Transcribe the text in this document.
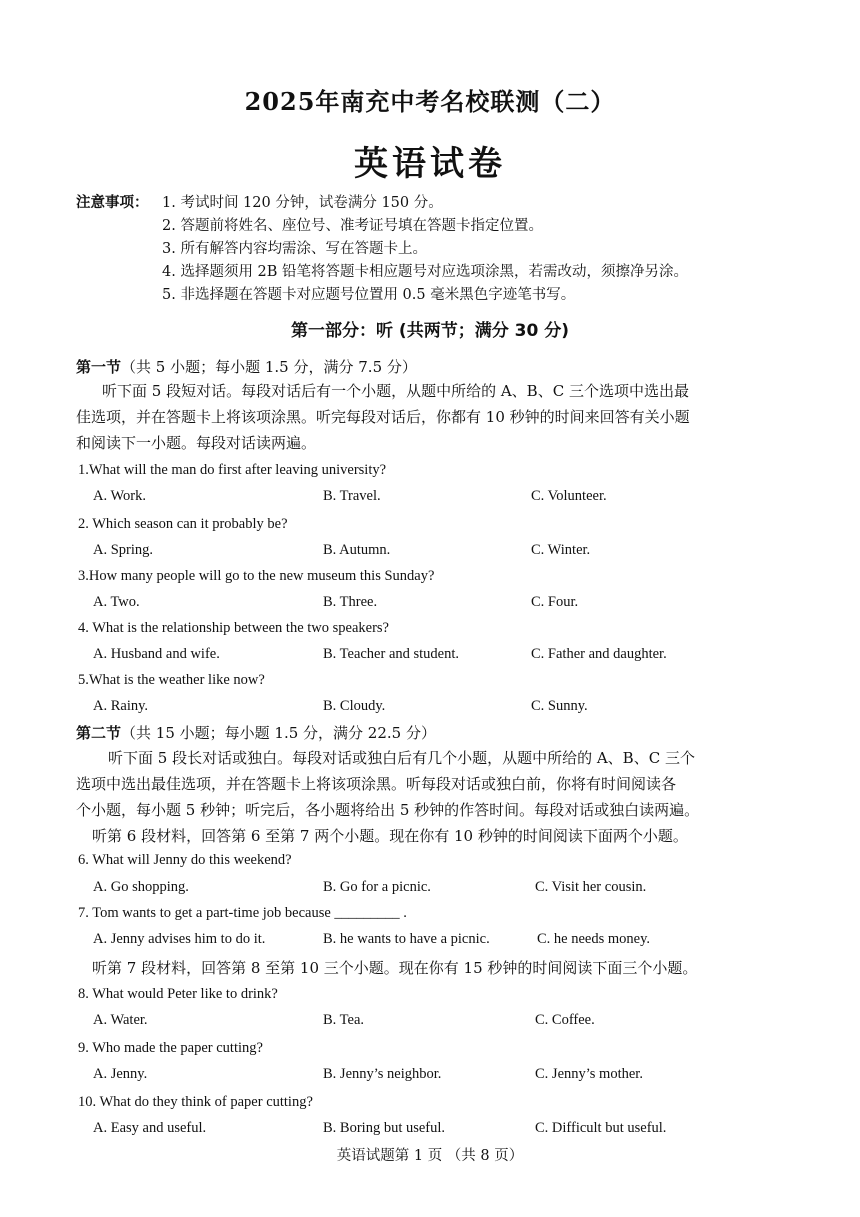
2025年南充中考名校联测（二）
英语试卷
注意事项： 1. 考试时间 120 分钟，试卷满分 150 分。
2. 答题前将姓名、座位号、准考证号填在答题卡指定位置。
3. 所有解答内容均需涂、写在答题卡上。
4. 选择题须用 2B 铅笔将答题卡相应题号对应选项涂黑，若需改动，须擦净另涂。
5. 非选择题在答题卡对应题号位置用 0.5 毫米黑色字迹笔书写。
第一部分：听 (共两节；满分 30 分)
第一节（共 5 小题；每小题 1.5 分，满分 7.5 分）
听下面 5 段短对话。每段对话后有一个小题，从题中所给的 A、B、C 三个选项中选出最
佳选项，并在答题卡上将该项涂黑。听完每段对话后，你都有 10 秒钟的时间来回答有关小题
和阅读下一小题。每段对话读两遍。
1.What will the man do first after leaving university?
A. Work.	B. Travel.	C. Volunteer.
2. Which season can it probably be?
A. Spring.	B. Autumn.	C. Winter.
3.How many people will go to the new museum this Sunday?
A. Two.	B. Three.	C. Four.
4. What is the relationship between the two speakers?
A. Husband and wife.	B. Teacher and student.	C. Father and daughter.
5.What is the weather like now?
A. Rainy.	B. Cloudy.	C. Sunny.
第二节（共 15 小题；每小题 1.5 分，满分 22.5 分）
听下面 5 段长对话或独白。每段对话或独白后有几个小题，从题中所给的 A、B、C 三个
选项中选出最佳选项，并在答题卡上将该项涂黑。听每段对话或独白前，你将有时间阅读各
个小题，每小题 5 秒钟；听完后，各小题将给出 5 秒钟的作答时间。每段对话或独白读两遍。
听第 6 段材料，回答第 6 至第 7 两个小题。现在你有 10 秒钟的时间阅读下面两个小题。
6. What will Jenny do this weekend?
A. Go shopping.	B. Go for a picnic.	C. Visit her cousin.
7. Tom wants to get a part-time job because _________ .
A. Jenny advises him to do it.	B. he wants to have a picnic.	C. he needs money.
听第 7 段材料，回答第 8 至第 10 三个小题。现在你有 15 秒钟的时间阅读下面三个小题。
8. What would Peter like to drink?
A. Water.	B. Tea.	C. Coffee.
9. Who made the paper cutting?
A. Jenny.	B. Jenny’s neighbor.	C. Jenny’s mother.
10. What do they think of paper cutting?
A. Easy and useful.	B. Boring but useful.	C. Difficult but useful.
英语试题第 1 页 （共 8 页）
